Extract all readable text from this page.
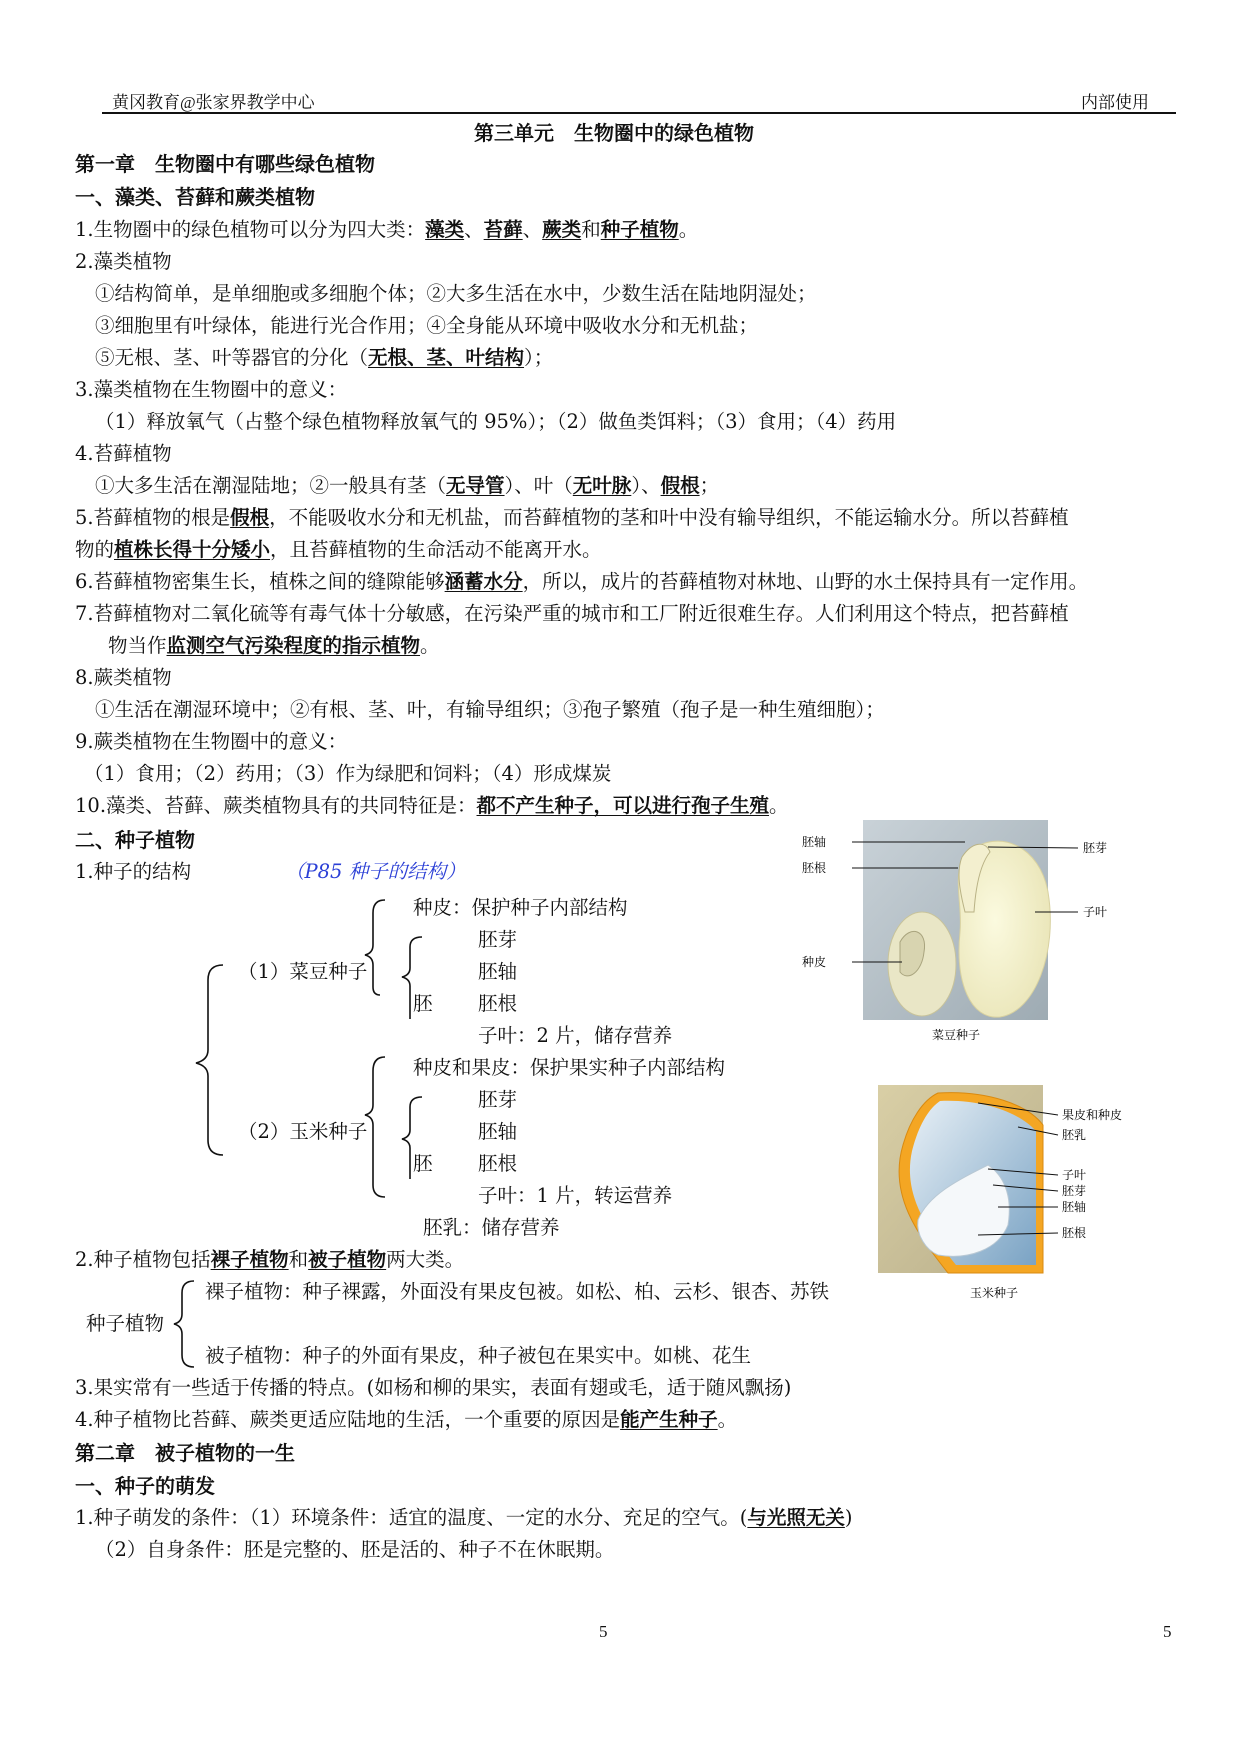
黄冈教育@张家界教学中心	内部使用
第三单元　生物圈中的绿色植物
第一章　生物圈中有哪些绿色植物
一、藻类、苔藓和蕨类植物
1.生物圈中的绿色植物可以分为四大类：藻类、苔藓、蕨类和种子植物。
2.藻类植物
①结构简单，是单细胞或多细胞个体；②大多生活在水中，少数生活在陆地阴湿处；
③细胞里有叶绿体，能进行光合作用；④全身能从环境中吸收水分和无机盐；
⑤无根、茎、叶等器官的分化（无根、茎、叶结构）；
3.藻类植物在生物圈中的意义：
（1）释放氧气（占整个绿色植物释放氧气的 95%）；（2）做鱼类饵料；（3）食用；（4）药用
4.苔藓植物
①大多生活在潮湿陆地；②一般具有茎（无导管）、叶（无叶脉）、假根；
5.苔藓植物的根是假根，不能吸收水分和无机盐，而苔藓植物的茎和叶中没有输导组织，不能运输水分。所以苔藓植
物的植株长得十分矮小，且苔藓植物的生命活动不能离开水。
6.苔藓植物密集生长，植株之间的缝隙能够涵蓄水分，所以，成片的苔藓植物对林地、山野的水土保持具有一定作用。
7.苔藓植物对二氧化硫等有毒气体十分敏感，在污染严重的城市和工厂附近很难生存。人们利用这个特点，把苔藓植
物当作监测空气污染程度的指示植物。
8.蕨类植物
①生活在潮湿环境中；②有根、茎、叶，有输导组织；③孢子繁殖（孢子是一种生殖细胞）；
9.蕨类植物在生物圈中的意义：
（1）食用；（2）药用；（3）作为绿肥和饲料；（4）形成煤炭
10.藻类、苔藓、蕨类植物具有的共同特征是：都不产生种子，可以进行孢子生殖。
二、种子植物
1.种子的结构	（P85 种子的结构）
（1）菜豆种子
种皮：保护种子内部结构
胚
胚芽
胚轴
胚根
子叶：2 片，储存营养
（2）玉米种子
种皮和果皮：保护果实种子内部结构
胚
胚芽
胚轴
胚根
子叶：1 片，转运营养
胚乳：储存营养
胚轴
胚根
种皮
胚芽
子叶
菜豆种子
果皮和种皮
胚乳
子叶
胚芽
胚轴
胚根
玉米种子
2.种子植物包括裸子植物和被子植物两大类。
种子植物
裸子植物：种子裸露，外面没有果皮包被。如松、柏、云杉、银杏、苏铁
被子植物：种子的外面有果皮，种子被包在果实中。如桃、花生
3.果实常有一些适于传播的特点。(如杨和柳的果实，表面有翅或毛，适于随风飘扬)
4.种子植物比苔藓、蕨类更适应陆地的生活，一个重要的原因是能产生种子。
第二章　被子植物的一生
一、种子的萌发
1.种子萌发的条件：（1）环境条件：适宜的温度、一定的水分、充足的空气。(与光照无关)
（2）自身条件：胚是完整的、胚是活的、种子不在休眠期。
5	5
